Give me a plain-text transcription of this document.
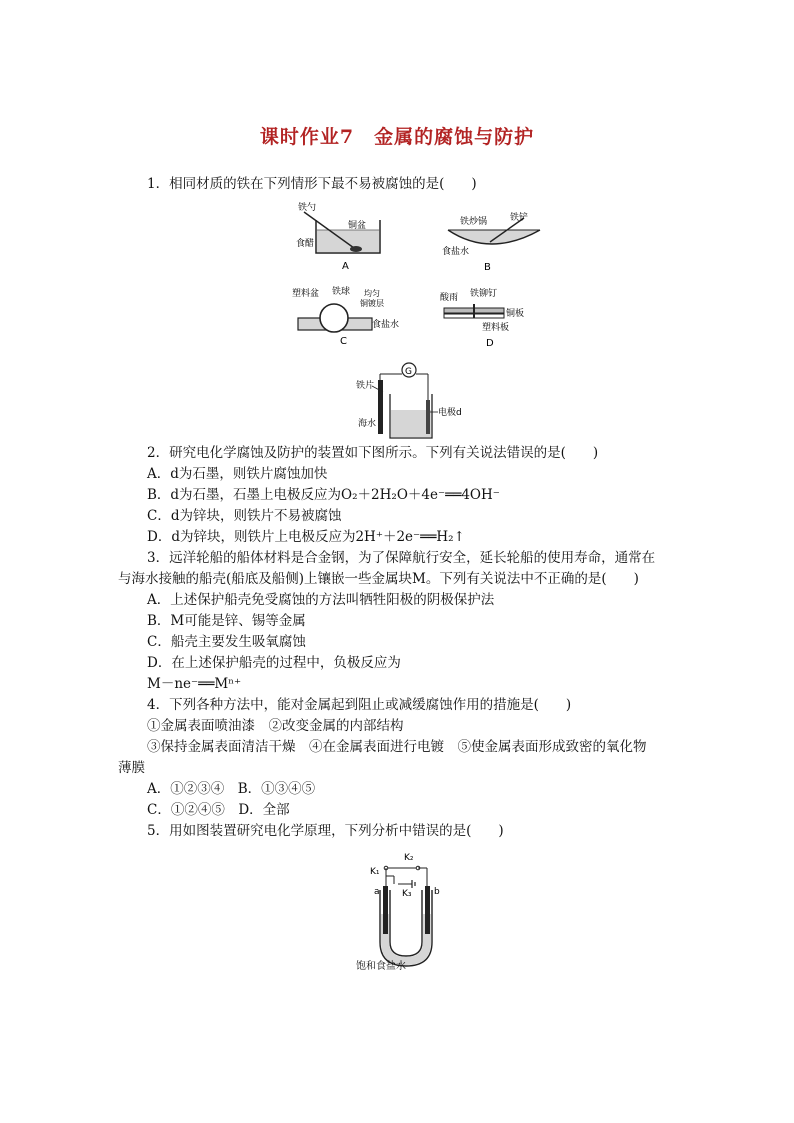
课时作业7　金属的腐蚀与防护
1．相同材质的铁在下列情形下最不易被腐蚀的是(　　)
铁勺
铜盆
食醋
A
铁炒锅	铁铲
食盐水
B
塑料盆 铁球 均匀
铜镀层
食盐水
C
酸雨 铁铆钉
铜板
塑料板
D
G
铁片
电极d
海水
2．研究电化学腐蚀及防护的装置如下图所示。下列有关说法错误的是(　　)
A．d为石墨，则铁片腐蚀加快
B．d为石墨，石墨上电极反应为O₂＋2H₂O＋4e⁻══4OH⁻
C．d为锌块，则铁片不易被腐蚀
D．d为锌块，则铁片上电极反应为2H⁺＋2e⁻══H₂↑
3．远洋轮船的船体材料是合金钢，为了保障航行安全，延长轮船的使用寿命，通常在
与海水接触的船壳(船底及船侧)上镶嵌一些金属块M。下列有关说法中不正确的是(　　)
A．上述保护船壳免受腐蚀的方法叫牺牲阳极的阴极保护法
B．M可能是锌、锡等金属
C．船壳主要发生吸氧腐蚀
D．在上述保护船壳的过程中，负极反应为
M－ne⁻══Mⁿ⁺
4．下列各种方法中，能对金属起到阻止或减缓腐蚀作用的措施是(　　)
①金属表面喷油漆　②改变金属的内部结构
③保持金属表面清洁干燥　④在金属表面进行电镀　⑤使金属表面形成致密的氧化物
薄膜
A．①②③④　B．①③④⑤
C．①②④⑤　D．全部
5．用如图装置研究电化学原理，下列分析中错误的是(　　)
K₂
K₁
K₃
a	b
饱和食盐水
